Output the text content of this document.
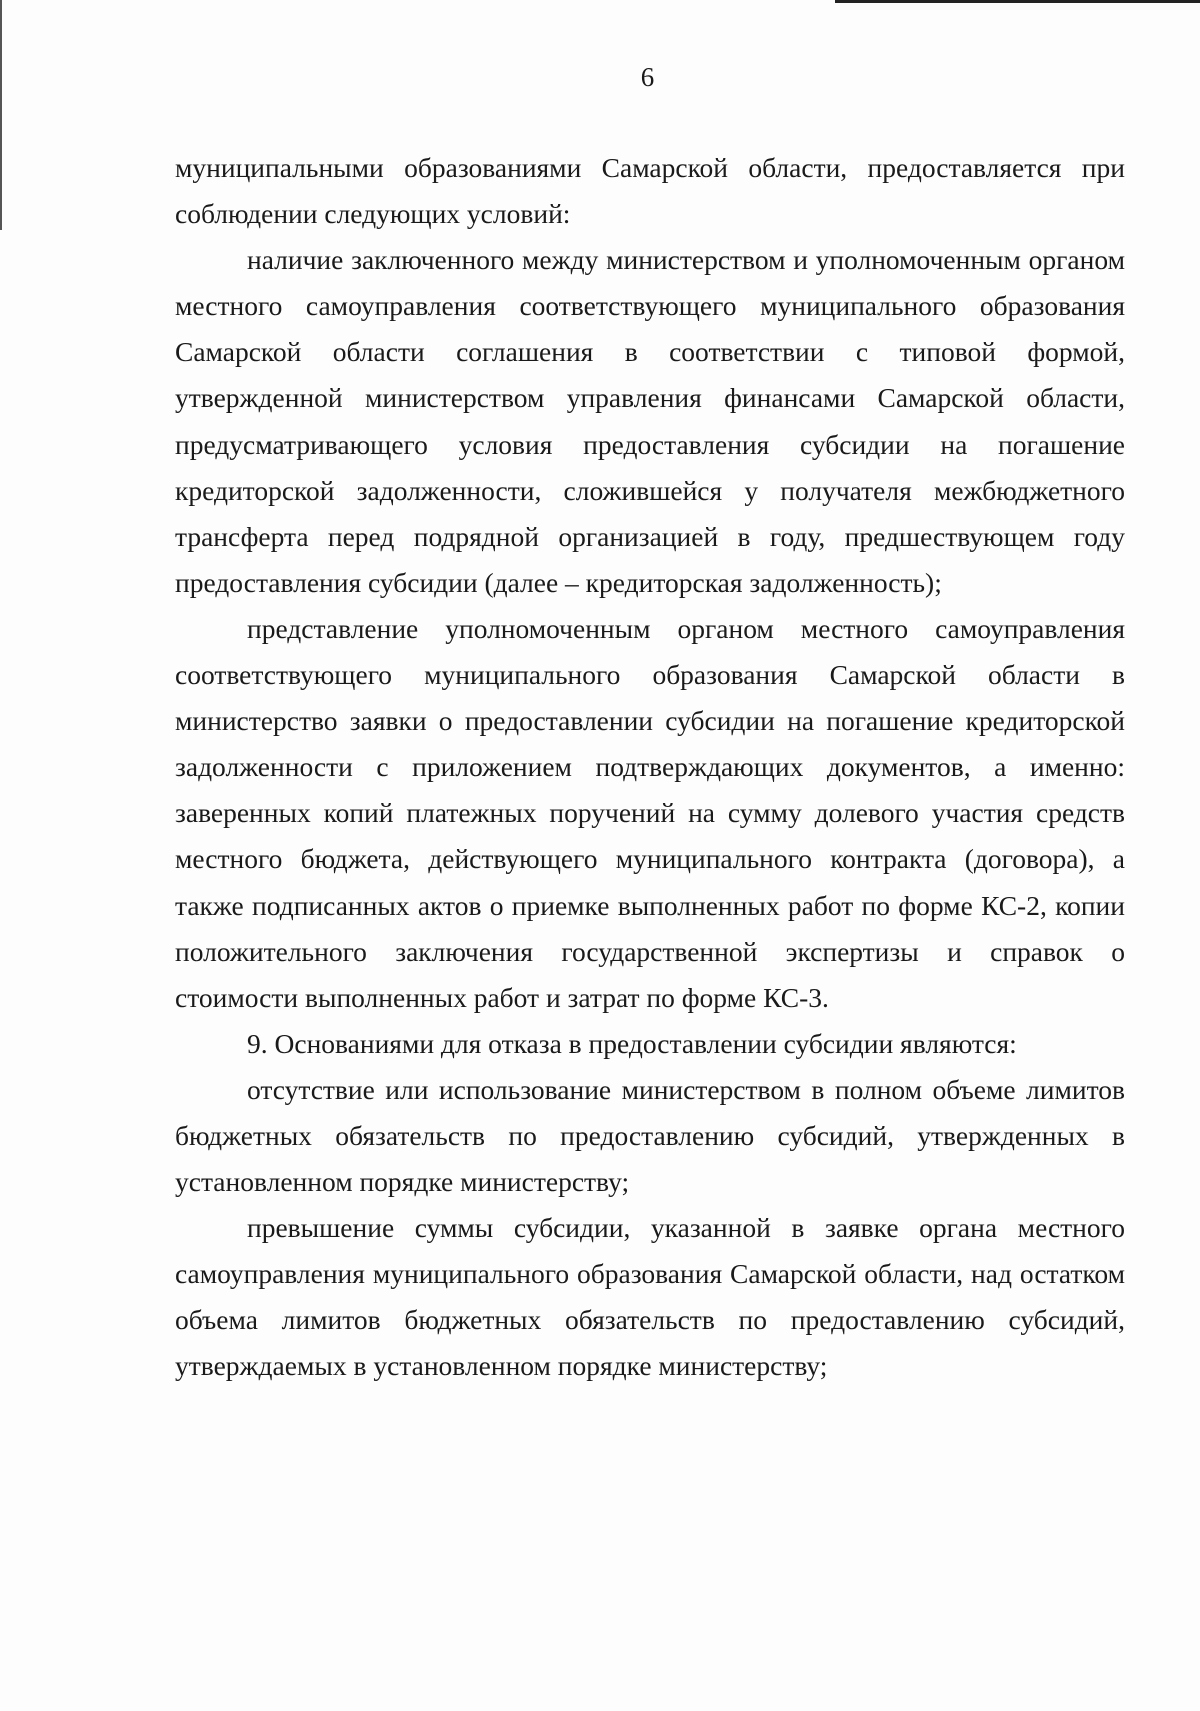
6

муниципальными образованиями Самарской области, предоставляется при соблюдении следующих условий:

наличие заключенного между министерством и уполномоченным органом местного самоуправления соответствующего муниципального образования Самарской области соглашения в соответствии с типовой формой, утвержденной министерством управления финансами Самарской области, предусматривающего условия предоставления субсидии на погашение кредиторской задолженности, сложившейся у получателя межбюджетного трансферта перед подрядной организацией в году, предшествующем году предоставления субсидии (далее – кредиторская задолженность);

представление уполномоченным органом местного самоуправления соответствующего муниципального образования Самарской области в министерство заявки о предоставлении субсидии на погашение кредиторской задолженности с приложением подтверждающих документов, а именно: заверенных копий платежных поручений на сумму долевого участия средств местного бюджета, действующего муниципального контракта (договора), а также подписанных актов о приемке выполненных работ по форме КС-2, копии положительного заключения государственной экспертизы и справок о стоимости выполненных работ и затрат по форме КС-3.

9. Основаниями для отказа в предоставлении субсидии являются:

отсутствие или использование министерством в полном объеме лимитов бюджетных обязательств по предоставлению субсидий, утвержденных в установленном порядке министерству;

превышение суммы субсидии, указанной в заявке органа местного самоуправления муниципального образования Самарской области, над остатком объема лимитов бюджетных обязательств по предоставлению субсидий, утверждаемых в установленном порядке министерству;
